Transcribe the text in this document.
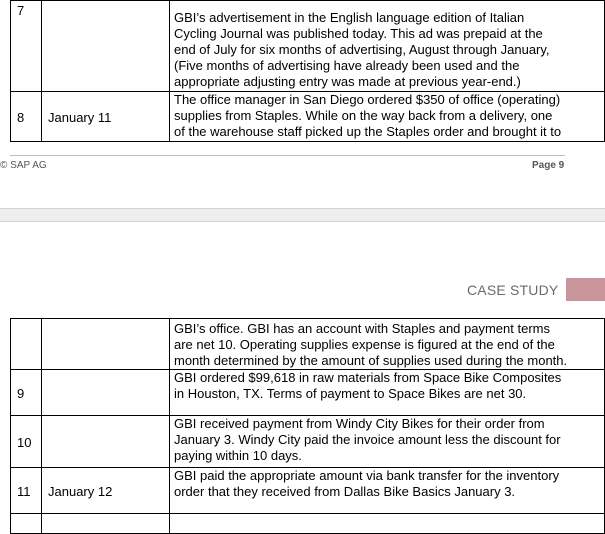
7		GBI’s advertisement in the English language edition of Italian
Cycling Journal was published today. This ad was prepaid at the
end of July for six months of advertising, August through January,
(Five months of advertising have already been used and the
appropriate adjusting entry was made at previous year-end.)

8	January 11	The office manager in San Diego ordered $350 of office (operating)
supplies from Staples. While on the way back from a delivery, one
of the warehouse staff picked up the Staples order and brought it to
© SAP AG	Page 9
CASE STUDY

		GBI’s office. GBI has an account with Staples and payment terms
are net 10. Operating supplies expense is figured at the end of the
month determined by the amount of supplies used during the month.

9		GBI ordered $99,618 in raw materials from Space Bike Composites
in Houston, TX. Terms of payment to Space Bikes are net 30.

10		GBI received payment from Windy City Bikes for their order from
January 3. Windy City paid the invoice amount less the discount for
paying within 10 days.

11	January 12	GBI paid the appropriate amount via bank transfer for the inventory
order that they received from Dallas Bike Basics January 3.
